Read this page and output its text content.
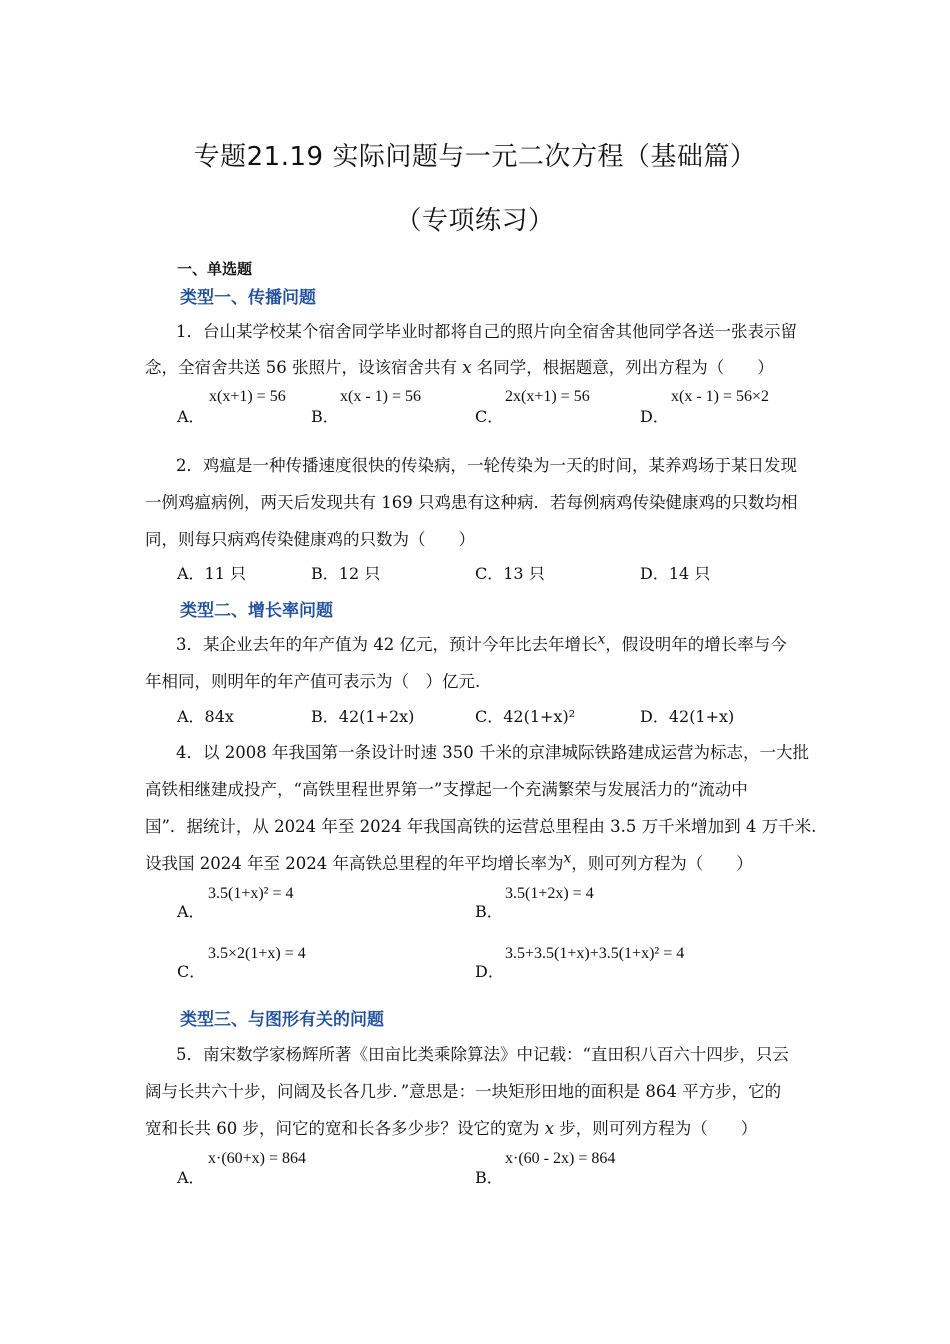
专题21.19 实际问题与一元二次方程（基础篇）
（专项练习）
一、单选题
类型一、传播问题
1．台山某学校某个宿舍同学毕业时都将自己的照片向全宿舍其他同学各送一张表示留
念，全宿舍共送 56 张照片，设该宿舍共有 x 名同学，根据题意，列出方程为（　　）
A．
x(x+1) = 56
B．
x(x - 1) = 56
C．
2x(x+1) = 56
D．
x(x - 1) = 56×2
2．鸡瘟是一种传播速度很快的传染病，一轮传染为一天的时间，某养鸡场于某日发现
一例鸡瘟病例，两天后发现共有 169 只鸡患有这种病．若每例病鸡传染健康鸡的只数均相
同，则每只病鸡传染健康鸡的只数为（　　）
A．11 只	B．12 只	C．13 只	D．14 只
类型二、增长率问题
3．某企业去年的年产值为 42 亿元，预计今年比去年增长$^x$，假设明年的增长率与今
年相同，则明年的年产值可表示为（　）亿元.
A．84x	B．42(1+2x)	C．42(1+x)²	D．42(1+x)
4．以 2008 年我国第一条设计时速 350 千米的京津城际铁路建成运营为标志，一大批
高铁相继建成投产，“高铁里程世界第一”支撑起一个充满繁荣与发展活力的“流动中
国”．据统计，从 2024 年至 2024 年我国高铁的运营总里程由 3.5 万千米增加到 4 万千米.
设我国 2024 年至 2024 年高铁总里程的年平均增长率为$^x$，则可列方程为（　　）
A．
3.5(1+x)² = 4
B．
3.5(1+2x) = 4
C．
3.5×2(1+x) = 4
D．
3.5+3.5(1+x)+3.5(1+x)² = 4
类型三、与图形有关的问题
5．南宋数学家杨辉所著《田亩比类乘除算法》中记载：“直田积八百六十四步，只云
阔与长共六十步，问阔及长各几步．”意思是：一块矩形田地的面积是 864 平方步，它的
宽和长共 60 步，问它的宽和长各多少步？设它的宽为 x 步，则可列方程为（　　）
A．
x·(60+x) = 864
B．
x·(60 - 2x) = 864
